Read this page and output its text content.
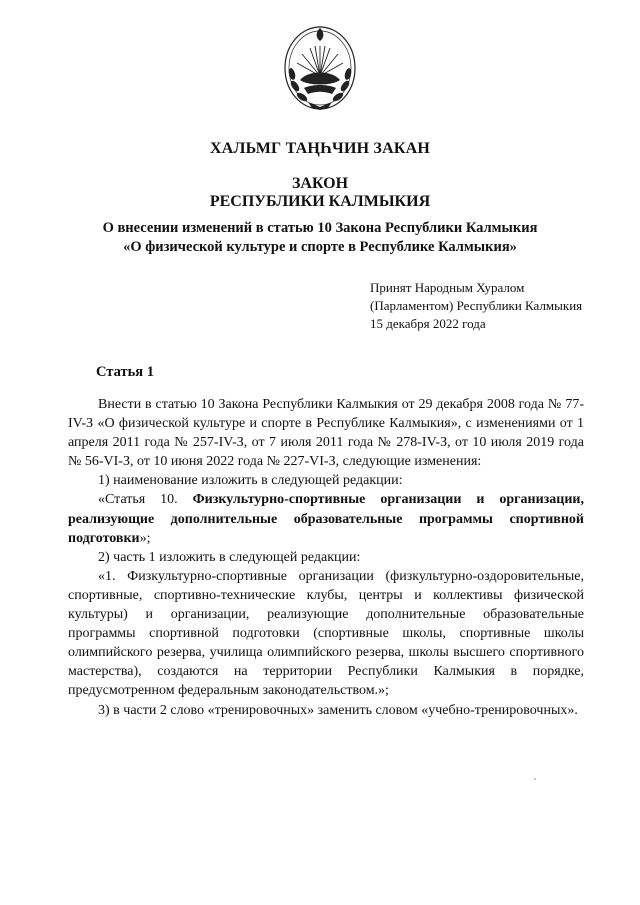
ХАЛЬМГ ТАҢҺЧИН ЗАКАН
ЗАКОН
РЕСПУБЛИКИ КАЛМЫКИЯ
О внесении изменений в статью 10 Закона Республики Калмыкия
«О физической культуре и спорте в Республике Калмыкия»
Принят Народным Хуралом
(Парламентом) Республики Калмыкия
15 декабря 2022 года
Статья 1

Внести в статью 10 Закона Республики Калмыкия от 29 декабря 2008 года № 77-IV-З «О физической культуре и спорте в Республике Калмыкия», с изменениями от 1 апреля 2011 года № 257-IV-З, от 7 июля 2011 года № 278-IV-З, от 10 июля 2019 года № 56-VI-З, от 10 июня 2022 года № 227-VI-З, следующие изменения:

1) наименование изложить в следующей редакции:

«Статья 10. Физкультурно-спортивные организации и организации, реализующие дополнительные образовательные программы спортивной подготовки»;

2) часть 1 изложить в следующей редакции:

«1. Физкультурно-спортивные организации (физкультурно-оздоровительные, спортивные, спортивно-технические клубы, центры и коллективы физической культуры) и организации, реализующие дополнительные образовательные программы спортивной подготовки (спортивные школы, спортивные школы олимпийского резерва, училища олимпийского резерва, школы высшего спортивного мастерства), создаются на территории Республики Калмыкия в порядке, предусмотренном федеральным законодательством.»;

3) в части 2 слово «тренировочных» заменить словом «учебно-тренировочных».
